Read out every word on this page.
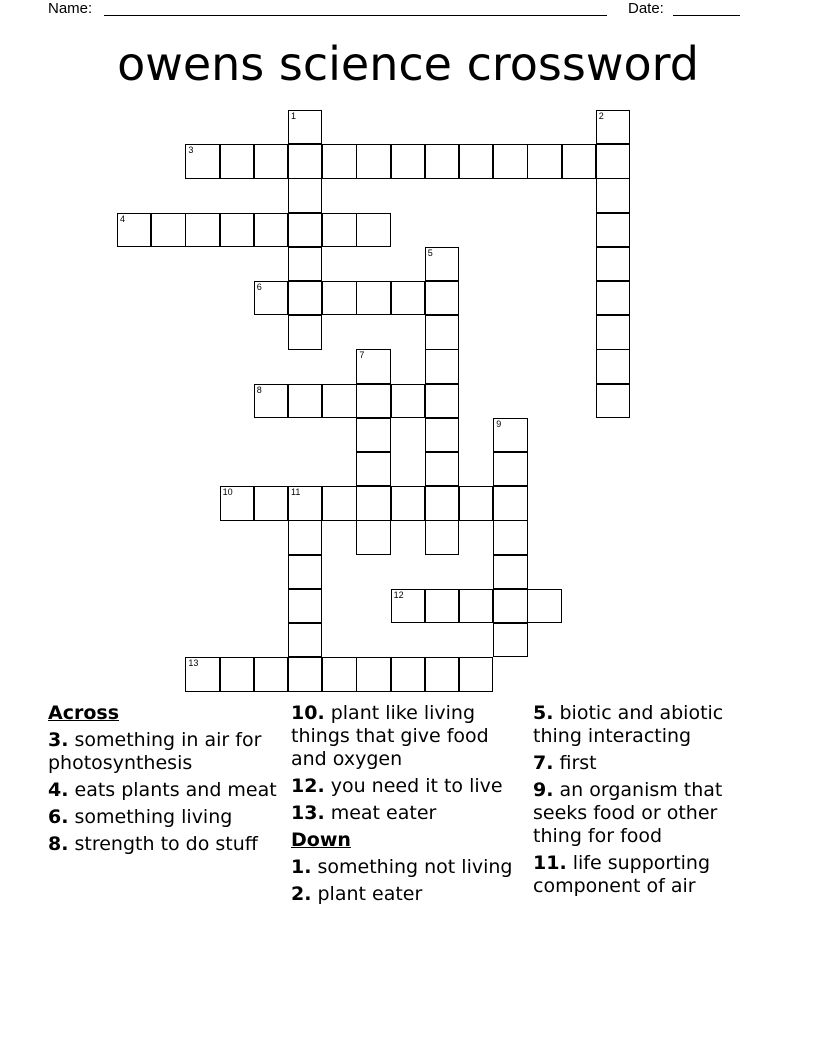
Name:	Date:
owens science crossword
1	2
3
4
5
6
7
8
9
10	11
12
13
Across
3. something in air for photosynthesis
4. eats plants and meat
6. something living
8. strength to do stuff
10. plant like living things that give food and oxygen
12. you need it to live
13. meat eater
Down
1. something not living
2. plant eater
5. biotic and abiotic thing interacting
7. first
9. an organism that seeks food or other thing for food
11. life supporting component of air
